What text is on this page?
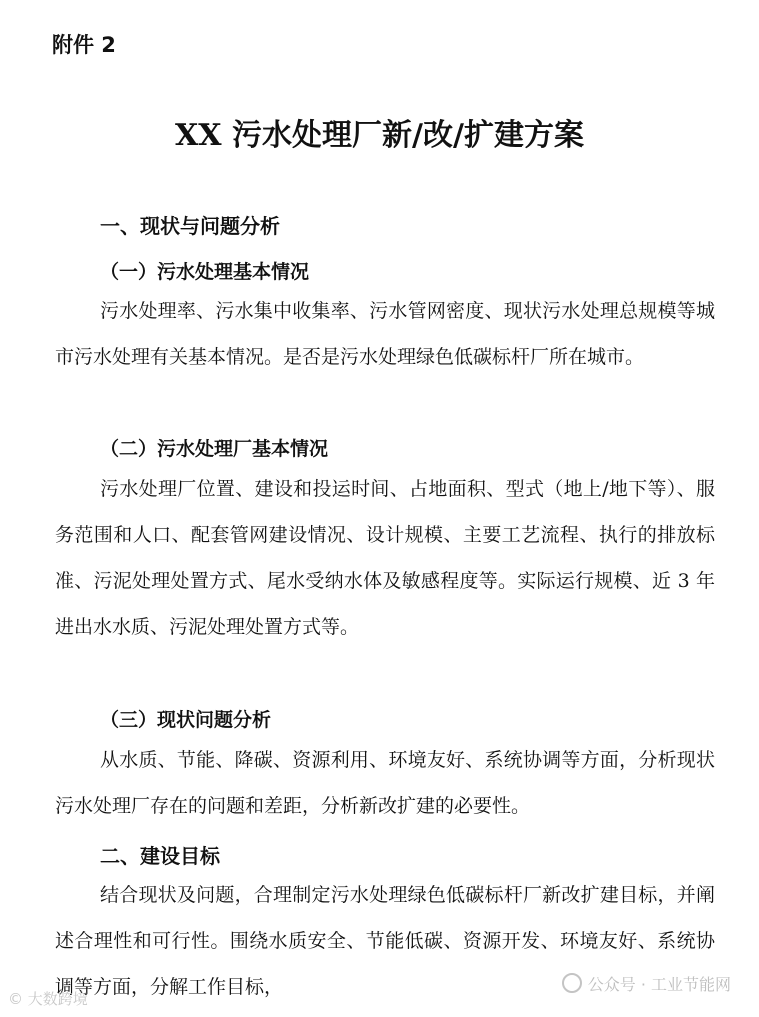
附件 2
XX 污水处理厂新/改/扩建方案
一、现状与问题分析
（一）污水处理基本情况
污水处理率、污水集中收集率、污水管网密度、现状污水处理总规模等城市污水处理有关基本情况。是否是污水处理绿色低碳标杆厂所在城市。
（二）污水处理厂基本情况
污水处理厂位置、建设和投运时间、占地面积、型式（地上/地下等）、服务范围和人口、配套管网建设情况、设计规模、主要工艺流程、执行的排放标准、污泥处理处置方式、尾水受纳水体及敏感程度等。实际运行规模、近 3 年进出水水质、污泥处理处置方式等。
（三）现状问题分析
从水质、节能、降碳、资源利用、环境友好、系统协调等方面，分析现状污水处理厂存在的问题和差距，分析新改扩建的必要性。
二、建设目标
结合现状及问题，合理制定污水处理绿色低碳标杆厂新改扩建目标，并阐述合理性和可行性。围绕水质安全、节能低碳、资源开发、环境友好、系统协调等方面，分解工作目标，	公众号 · 工业节能网
© 大数跨境
